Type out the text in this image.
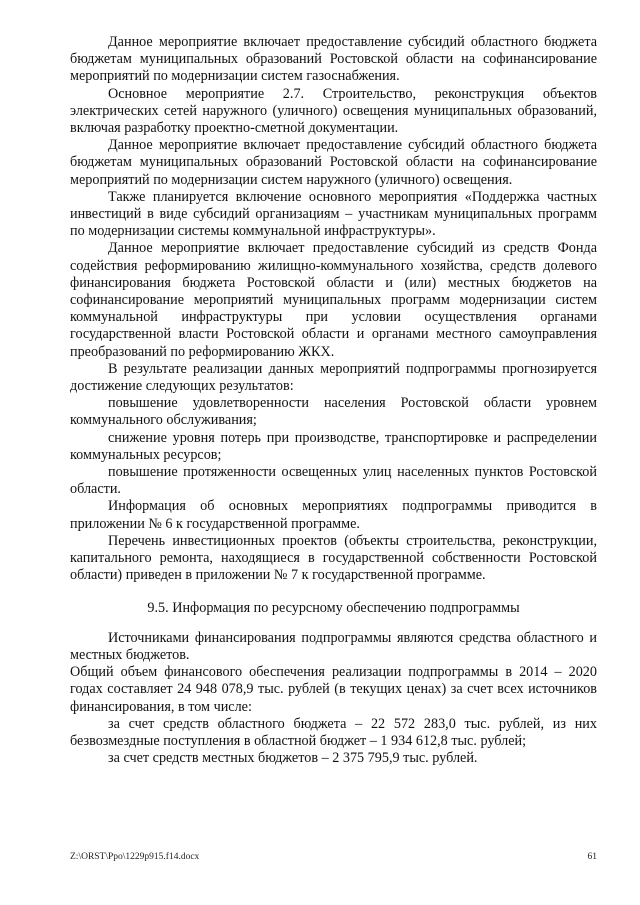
Данное мероприятие включает предоставление субсидий областного бюджета бюджетам муниципальных образований Ростовской области на софинансирование мероприятий по модернизации систем газоснабжения.

Основное мероприятие 2.7. Строительство, реконструкция объектов электрических сетей наружного (уличного) освещения муниципальных образований, включая разработку проектно-сметной документации.

Данное мероприятие включает предоставление субсидий областного бюджета бюджетам муниципальных образований Ростовской области на софинансирование мероприятий по модернизации систем наружного (уличного) освещения.

Также планируется включение основного мероприятия «Поддержка частных инвестиций в виде субсидий организациям – участникам муниципальных программ по модернизации системы коммунальной инфраструктуры».

Данное мероприятие включает предоставление субсидий из средств Фонда содействия реформированию жилищно-коммунального хозяйства, средств долевого финансирования бюджета Ростовской области и (или) местных бюджетов на софинансирование мероприятий муниципальных программ модернизации систем коммунальной инфраструктуры при условии осуществления органами государственной власти Ростовской области и органами местного самоуправления преобразований по реформированию ЖКХ.

В результате реализации данных мероприятий подпрограммы прогнозируется достижение следующих результатов:

повышение удовлетворенности населения Ростовской области уровнем коммунального обслуживания;

снижение уровня потерь при производстве, транспортировке и распределении коммунальных ресурсов;

повышение протяженности освещенных улиц населенных пунктов Ростовской области.

Информация об основных мероприятиях подпрограммы приводится в приложении № 6 к государственной программе.

Перечень инвестиционных проектов (объекты строительства, реконструкции, капитального ремонта, находящиеся в государственной собственности Ростовской области) приведен в приложении № 7 к государственной программе.

9.5. Информация по ресурсному обеспечению подпрограммы

Источниками финансирования подпрограммы являются средства областного и местных бюджетов.

Общий объем финансового обеспечения реализации подпрограммы в 2014 – 2020 годах составляет 24 948 078,9 тыс. рублей (в текущих ценах) за счет всех источников финансирования, в том числе:

за счет средств областного бюджета – 22 572 283,0 тыс. рублей, из них безвозмездные поступления в областной бюджет – 1 934 612,8 тыс. рублей;

за счет средств местных бюджетов – 2 375 795,9 тыс. рублей.

Z:\ORST\Ppo\1229p915.f14.docx	61
